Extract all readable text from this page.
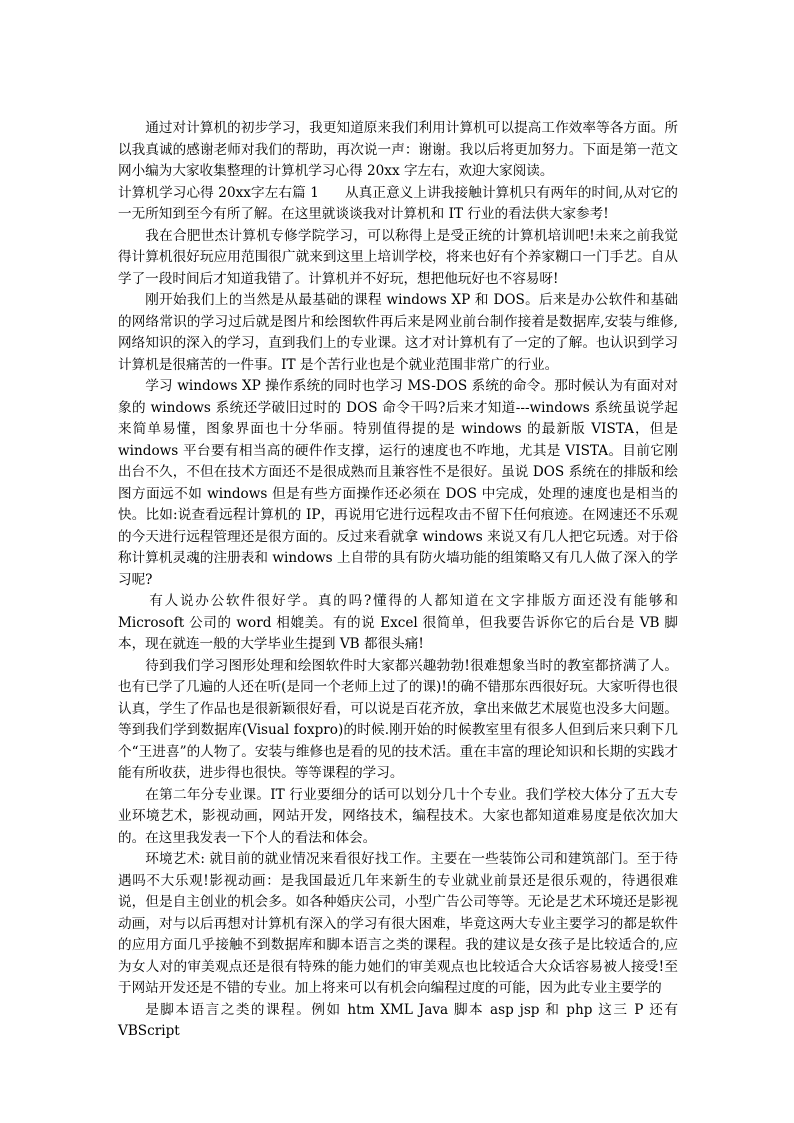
通过对计算机的初步学习，我更知道原来我们利用计算机可以提高工作效率等各方面。所以我真诚的感谢老师对我们的帮助，再次说一声：谢谢。我以后将更加努力。下面是第一范文网小编为大家收集整理的计算机学习心得 20xx 字左右，欢迎大家阅读。

计算机学习心得 20xx字左右篇 1 从真正意义上讲我接触计算机只有两年的时间,从对它的一无所知到至今有所了解。在这里就谈谈我对计算机和 IT 行业的看法供大家参考!

我在合肥世杰计算机专修学院学习，可以称得上是受正统的计算机培训吧!未来之前我觉得计算机很好玩应用范围很广就来到这里上培训学校，将来也好有个养家糊口一门手艺。自从学了一段时间后才知道我错了。计算机并不好玩，想把他玩好也不容易呀!

刚开始我们上的当然是从最基础的课程 windows XP 和 DOS。后来是办公软件和基础的网络常识的学习过后就是图片和绘图软件再后来是网业前台制作接着是数据库,安装与维修,网络知识的深入的学习，直到我们上的专业课。这才对计算机有了一定的了解。也认识到学习计算机是很痛苦的一件事。IT 是个苦行业也是个就业范围非常广的行业。

学习 windows XP 操作系统的同时也学习 MS-DOS 系统的命令。那时候认为有面对对象的 windows 系统还学破旧过时的 DOS 命令干吗?后来才知道---windows 系统虽说学起来简单易懂，图象界面也十分华丽。特别值得提的是 windows 的最新版 VISTA，但是 windows 平台要有相当高的硬件作支撑，运行的速度也不咋地，尤其是 VISTA。目前它刚出台不久，不但在技术方面还不是很成熟而且兼容性不是很好。虽说 DOS 系统在的排版和绘图方面远不如 windows 但是有些方面操作还必须在 DOS 中完成，处理的速度也是相当的快。比如:说查看远程计算机的 IP，再说用它进行远程攻击不留下任何痕迹。在网速还不乐观的今天进行远程管理还是很方面的。反过来看就拿 windows 来说又有几人把它玩透。对于俗称计算机灵魂的注册表和 windows 上自带的具有防火墙功能的组策略又有几人做了深入的学习呢?

有人说办公软件很好学。真的吗?懂得的人都知道在文字排版方面还没有能够和 Microsoft 公司的 word 相媲美。有的说 Excel 很简单，但我要告诉你它的后台是 VB 脚本，现在就连一般的大学毕业生提到 VB 都很头痛!

待到我们学习图形处理和绘图软件时大家都兴趣勃勃!很难想象当时的教室都挤满了人。也有已学了几遍的人还在听(是同一个老师上过了的课)!的确不错那东西很好玩。大家听得也很认真，学生了作品也是很新颖很好看，可以说是百花齐放，拿出来做艺术展览也没多大问题。等到我们学到数据库(Visual foxpro)的时候.刚开始的时候教室里有很多人但到后来只剩下几个“王进喜”的人物了。安装与维修也是看的见的技术活。重在丰富的理论知识和长期的实践才能有所收获，进步得也很快。等等课程的学习。

在第二年分专业课。IT 行业要细分的话可以划分几十个专业。我们学校大体分了五大专业环境艺术，影视动画，网站开发，网络技术，编程技术。大家也都知道难易度是依次加大的。在这里我发表一下个人的看法和体会。

环境艺术: 就目前的就业情况来看很好找工作。主要在一些装饰公司和建筑部门。至于待遇吗不大乐观!影视动画：是我国最近几年来新生的专业就业前景还是很乐观的，待遇很难说，但是自主创业的机会多。如各种婚庆公司，小型广告公司等等。无论是艺术环境还是影视动画，对与以后再想对计算机有深入的学习有很大困难，毕竟这两大专业主要学习的都是软件的应用方面几乎接触不到数据库和脚本语言之类的课程。我的建议是女孩子是比较适合的,应为女人对的审美观点还是很有特殊的能力她们的审美观点也比较适合大众话容易被人接受!至于网站开发还是不错的专业。加上将来可以有机会向编程过度的可能，因为此专业主要学的

是脚本语言之类的课程。例如 htm XML Java 脚本 asp jsp 和 php 这三 P 还有 VBScript
